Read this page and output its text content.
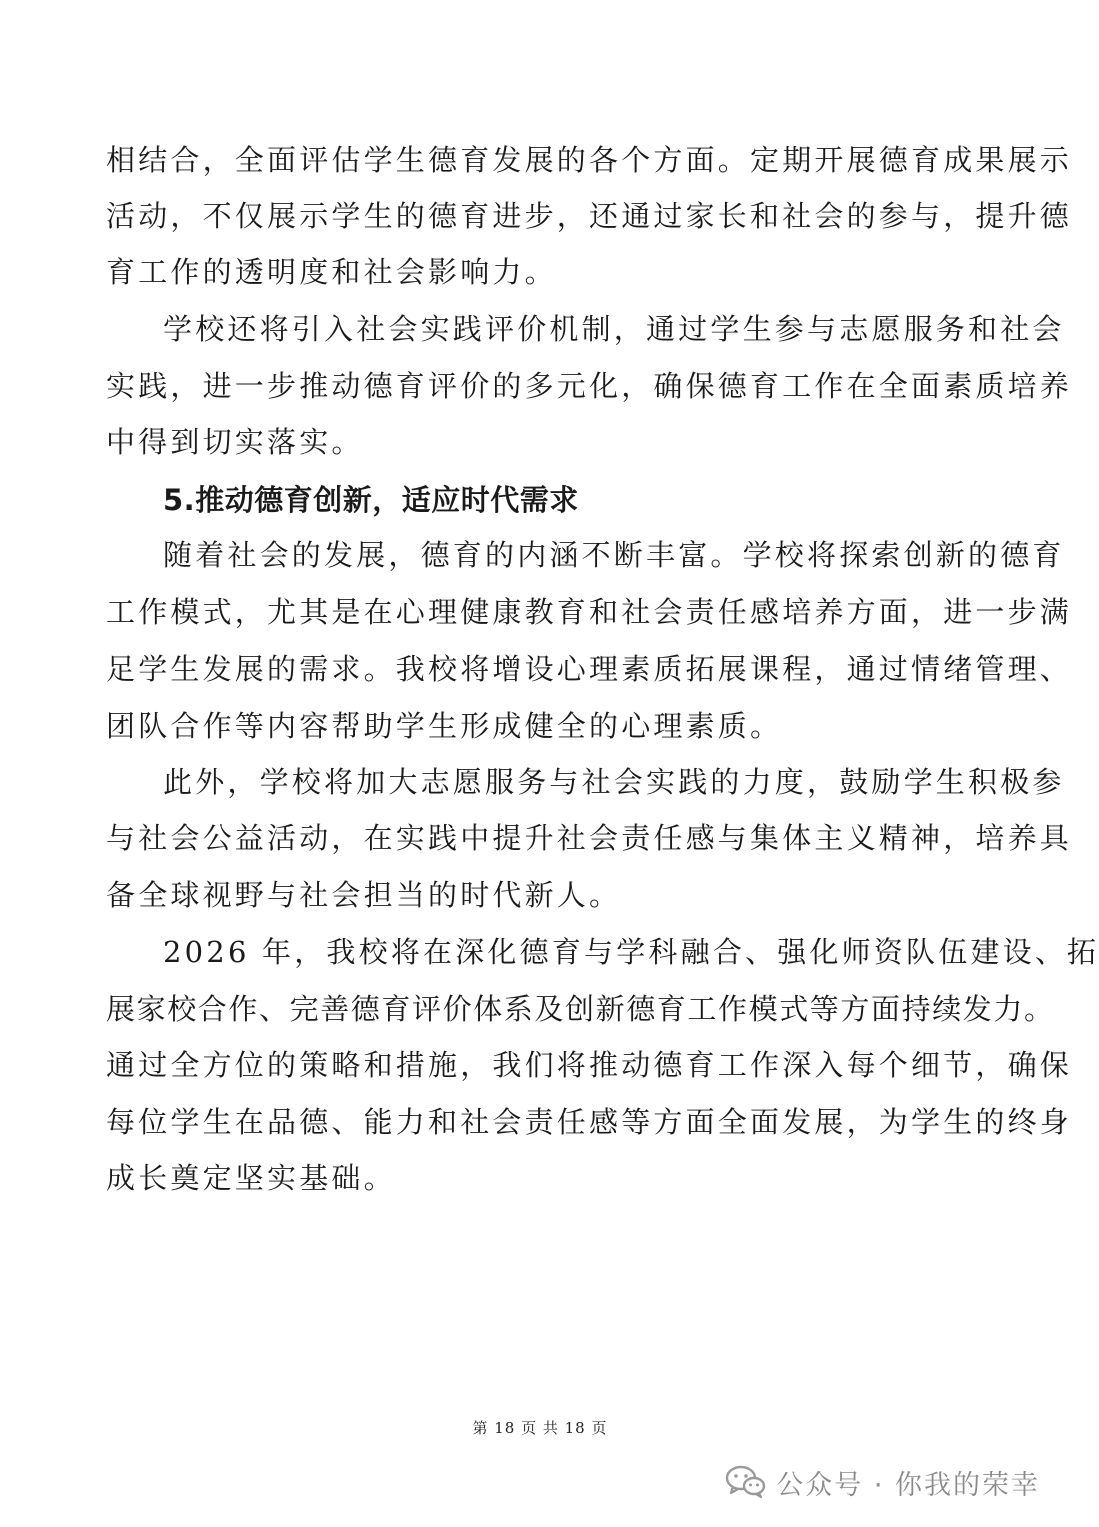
相结合，全面评估学生德育发展的各个方面。定期开展德育成果展示
活动，不仅展示学生的德育进步，还通过家长和社会的参与，提升德
育工作的透明度和社会影响力。
学校还将引入社会实践评价机制，通过学生参与志愿服务和社会
实践，进一步推动德育评价的多元化，确保德育工作在全面素质培养
中得到切实落实。
5.推动德育创新，适应时代需求
随着社会的发展，德育的内涵不断丰富。学校将探索创新的德育
工作模式，尤其是在心理健康教育和社会责任感培养方面，进一步满
足学生发展的需求。我校将增设心理素质拓展课程，通过情绪管理、
团队合作等内容帮助学生形成健全的心理素质。
此外，学校将加大志愿服务与社会实践的力度，鼓励学生积极参
与社会公益活动，在实践中提升社会责任感与集体主义精神，培养具
备全球视野与社会担当的时代新人。
2026 年，我校将在深化德育与学科融合、强化师资队伍建设、拓
展家校合作、完善德育评价体系及创新德育工作模式等方面持续发力。
通过全方位的策略和措施，我们将推动德育工作深入每个细节，确保
每位学生在品德、能力和社会责任感等方面全面发展，为学生的终身
成长奠定坚实基础。
第 18 页 共 18 页
公众号 · 你我的荣幸
